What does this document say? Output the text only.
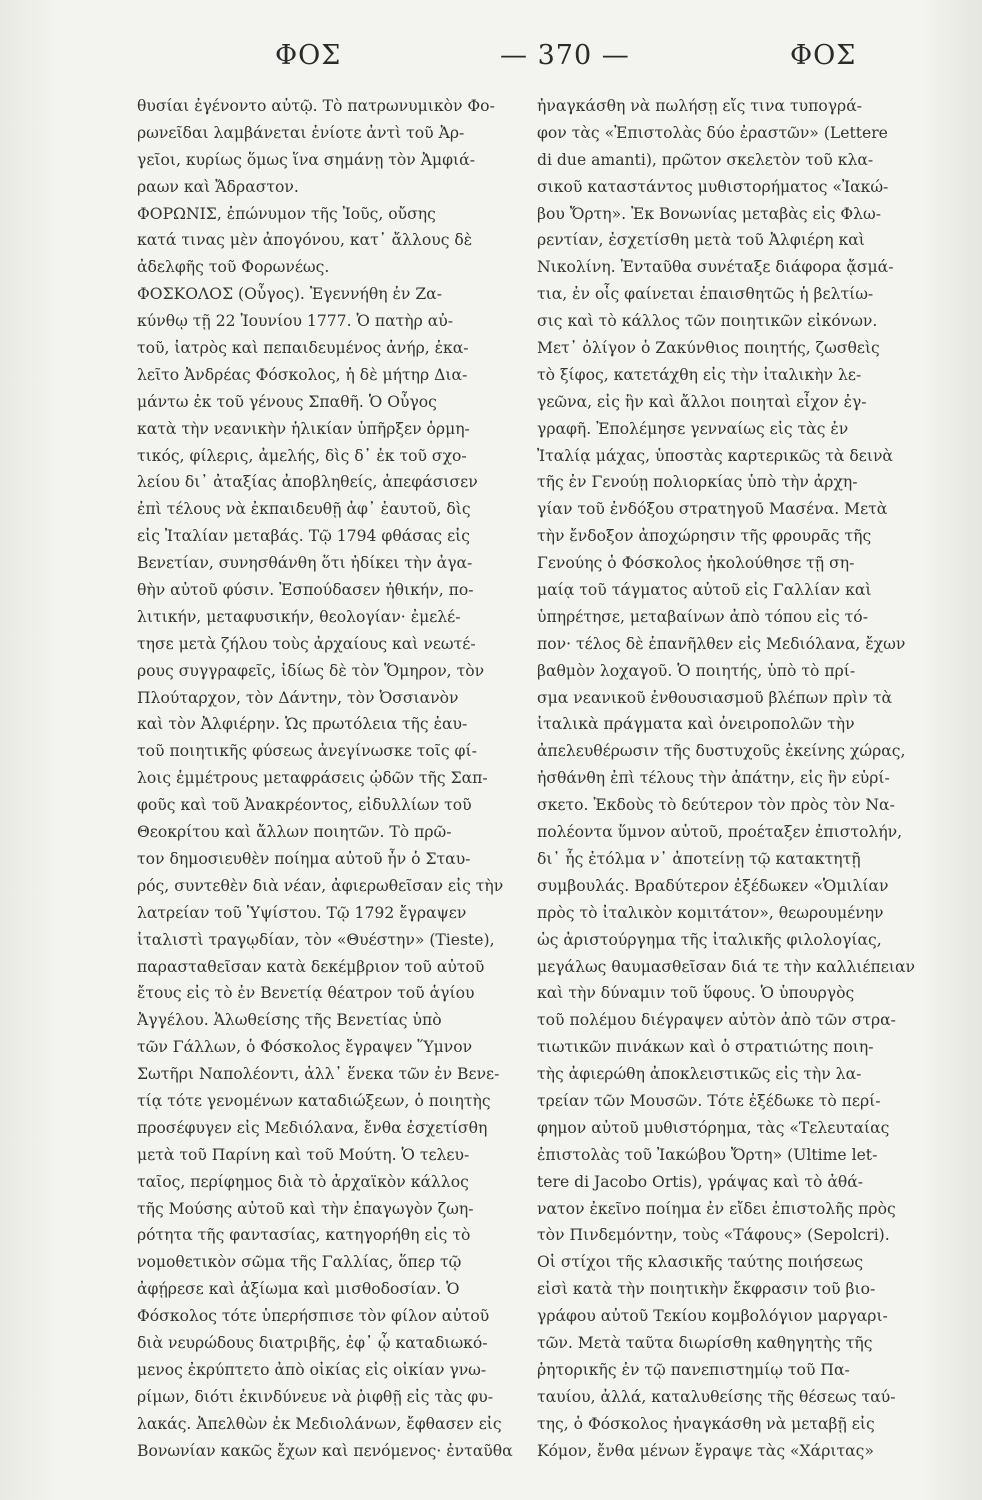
ΦΟΣ	— 370 —	ΦΟΣ
θυσίαι ἐγένοντο αὐτῷ. Τὸ πατρωνυμικὸν Φο-
ρωνεῖδαι λαμβάνεται ἐνίοτε ἀντὶ τοῦ Ἀρ-
γεῖοι, κυρίως ὅμως ἵνα σημάνῃ τὸν Ἀμφιά-
ραων καὶ Ἄδραστον.
ΦΟΡΩΝΙΣ, ἐπώνυμον τῆς Ἰοῦς, οὔσης
κατά τινας μὲν ἀπογόνου, κατ᾽ ἄλλους δὲ
ἀδελφῆς τοῦ Φορωνέως.
ΦΟΣΚΟΛΟΣ (Οὖγος). Ἐγεννήθη ἐν Ζα-
κύνθῳ τῇ 22 Ἰουνίου 1777. Ὁ πατὴρ αὐ-
τοῦ, ἰατρὸς καὶ πεπαιδευμένος ἀνήρ, ἐκα-
λεῖτο Ἀνδρέας Φόσκολος, ἡ δὲ μήτηρ Δια-
μάντω ἐκ τοῦ γένους Σπαθῆ. Ὁ Οὖγος
κατὰ τὴν νεανικὴν ἡλικίαν ὑπῆρξεν ὁρμη-
τικός, φίλερις, ἀμελής, δὶς δ᾽ ἐκ τοῦ σχο-
λείου δι᾽ ἀταξίας ἀποβληθείς, ἀπεφάσισεν
ἐπὶ τέλους νὰ ἐκπαιδευθῇ ἀφ᾽ ἑαυτοῦ, δὶς
εἰς Ἰταλίαν μεταβάς. Τῷ 1794 φθάσας εἰς
Βενετίαν, συνησθάνθη ὅτι ἠδίκει τὴν ἀγα-
θὴν αὐτοῦ φύσιν. Ἐσπούδασεν ἠθικήν, πο-
λιτικήν, μεταφυσικήν, θεολογίαν· ἐμελέ-
τησε μετὰ ζήλου τοὺς ἀρχαίους καὶ νεωτέ-
ρους συγγραφεῖς, ἰδίως δὲ τὸν Ὅμηρον, τὸν
Πλούταρχον, τὸν Δάντην, τὸν Ὀσσιανὸν
καὶ τὸν Ἀλφιέρην. Ὡς πρωτόλεια τῆς ἑαυ-
τοῦ ποιητικῆς φύσεως ἀνεγίνωσκε τοῖς φί-
λοις ἐμμέτρους μεταφράσεις ᾠδῶν τῆς Σαπ-
φοῦς καὶ τοῦ Ἀνακρέοντος, εἰδυλλίων τοῦ
Θεοκρίτου καὶ ἄλλων ποιητῶν. Τὸ πρῶ-
τον δημοσιευθὲν ποίημα αὐτοῦ ἦν ὁ Σταυ-
ρός, συντεθὲν διὰ νέαν, ἀφιερωθεῖσαν εἰς τὴν
λατρείαν τοῦ Ὑψίστου. Τῷ 1792 ἔγραψεν
ἰταλιστὶ τραγῳδίαν, τὸν «Θυέστην» (Tieste),
παρασταθεῖσαν κατὰ δεκέμβριον τοῦ αὐτοῦ
ἔτους εἰς τὸ ἐν Βενετίᾳ θέατρον τοῦ ἁγίου
Ἀγγέλου. Ἁλωθείσης τῆς Βενετίας ὑπὸ
τῶν Γάλλων, ὁ Φόσκολος ἔγραψεν Ὕμνον
Σωτῆρι Ναπολέοντι, ἀλλ᾽ ἕνεκα τῶν ἐν Βενε-
τίᾳ τότε γενομένων καταδιώξεων, ὁ ποιητὴς
προσέφυγεν εἰς Μεδιόλανα, ἔνθα ἐσχετίσθη
μετὰ τοῦ Παρίνη καὶ τοῦ Μούτη. Ὁ τελευ-
ταῖος, περίφημος διὰ τὸ ἀρχαϊκὸν κάλλος
τῆς Μούσης αὐτοῦ καὶ τὴν ἐπαγωγὸν ζωη-
ρότητα τῆς φαντασίας, κατηγορήθη εἰς τὸ
νομοθετικὸν σῶμα τῆς Γαλλίας, ὅπερ τῷ
ἀφῄρεσε καὶ ἀξίωμα καὶ μισθοδοσίαν. Ὁ
Φόσκολος τότε ὑπερήσπισε τὸν φίλον αὐτοῦ
διὰ νευρώδους διατριβῆς, ἐφ᾽ ᾧ καταδιωκό-
μενος ἐκρύπτετο ἀπὸ οἰκίας εἰς οἰκίαν γνω-
ρίμων, διότι ἐκινδύνευε νὰ ῥιφθῇ εἰς τὰς φυ-
λακάς. Ἀπελθὼν ἐκ Μεδιολάνων, ἔφθασεν εἰς
Βονωνίαν κακῶς ἔχων καὶ πενόμενος· ἐνταῦθα
ἠναγκάσθη νὰ πωλήσῃ εἴς τινα τυπογρά-
φον τὰς «Ἐπιστολὰς δύο ἐραστῶν» (Lettere
di due amanti), πρῶτον σκελετὸν τοῦ κλα-
σικοῦ καταστάντος μυθιστορήματος «Ἰακώ-
βου Ὄρτη». Ἐκ Βονωνίας μεταβὰς εἰς Φλω-
ρεντίαν, ἐσχετίσθη μετὰ τοῦ Ἀλφιέρη καὶ
Νικολίνη. Ἐνταῦθα συνέταξε διάφορα ᾄσμά-
τια, ἐν οἷς φαίνεται ἐπαισθητῶς ἡ βελτίω-
σις καὶ τὸ κάλλος τῶν ποιητικῶν εἰκόνων.
Μετ᾽ ὀλίγον ὁ Ζακύνθιος ποιητής, ζωσθεὶς
τὸ ξίφος, κατετάχθη εἰς τὴν ἰταλικὴν λε-
γεῶνα, εἰς ἣν καὶ ἄλλοι ποιηταὶ εἶχον ἐγ-
γραφῆ. Ἐπολέμησε γενναίως εἰς τὰς ἐν
Ἰταλίᾳ μάχας, ὑποστὰς καρτερικῶς τὰ δεινὰ
τῆς ἐν Γενούῃ πολιορκίας ὑπὸ τὴν ἀρχη-
γίαν τοῦ ἐνδόξου στρατηγοῦ Μασένα. Μετὰ
τὴν ἔνδοξον ἀποχώρησιν τῆς φρουρᾶς τῆς
Γενούης ὁ Φόσκολος ἠκολούθησε τῇ ση-
μαίᾳ τοῦ τάγματος αὐτοῦ εἰς Γαλλίαν καὶ
ὑπηρέτησε, μεταβαίνων ἀπὸ τόπου εἰς τό-
πον· τέλος δὲ ἐπανῆλθεν εἰς Μεδιόλανα, ἔχων
βαθμὸν λοχαγοῦ. Ὁ ποιητής, ὑπὸ τὸ πρί-
σμα νεανικοῦ ἐνθουσιασμοῦ βλέπων πρὶν τὰ
ἰταλικὰ πράγματα καὶ ὀνειροπολῶν τὴν
ἀπελευθέρωσιν τῆς δυστυχοῦς ἐκείνης χώρας,
ἠσθάνθη ἐπὶ τέλους τὴν ἀπάτην, εἰς ἣν εὑρί-
σκετο. Ἐκδοὺς τὸ δεύτερον τὸν πρὸς τὸν Να-
πολέοντα ὕμνον αὐτοῦ, προέταξεν ἐπιστολήν,
δι᾽ ἧς ἐτόλμα ν᾽ ἀποτείνῃ τῷ κατακτητῇ
συμβουλάς. Βραδύτερον ἐξέδωκεν «Ὁμιλίαν
πρὸς τὸ ἰταλικὸν κομιτάτον», θεωρουμένην
ὡς ἀριστούργημα τῆς ἰταλικῆς φιλολογίας,
μεγάλως θαυμασθεῖσαν διά τε τὴν καλλιέπειαν
καὶ τὴν δύναμιν τοῦ ὕφους. Ὁ ὑπουργὸς
τοῦ πολέμου διέγραψεν αὐτὸν ἀπὸ τῶν στρα-
τιωτικῶν πινάκων καὶ ὁ στρατιώτης ποιη-
τὴς ἀφιερώθη ἀποκλειστικῶς εἰς τὴν λα-
τρείαν τῶν Μουσῶν. Τότε ἐξέδωκε τὸ περί-
φημον αὐτοῦ μυθιστόρημα, τὰς «Τελευταίας
ἐπιστολὰς τοῦ Ἰακώβου Ὄρτη» (Ultime let-
tere di Jacobo Ortis), γράψας καὶ τὸ ἀθά-
νατον ἐκεῖνο ποίημα ἐν εἴδει ἐπιστολῆς πρὸς
τὸν Πινδεμόντην, τοὺς «Τάφους» (Sepolcri).
Οἱ στίχοι τῆς κλασικῆς ταύτης ποιήσεως
εἰσὶ κατὰ τὴν ποιητικὴν ἔκφρασιν τοῦ βιο-
γράφου αὐτοῦ Τεκίου κομβολόγιον μαργαρι-
τῶν. Μετὰ ταῦτα διωρίσθη καθηγητὴς τῆς
ῥητορικῆς ἐν τῷ πανεπιστημίῳ τοῦ Πα-
ταυίου, ἀλλά, καταλυθείσης τῆς θέσεως ταύ-
της, ὁ Φόσκολος ἠναγκάσθη νὰ μεταβῇ εἰς
Κόμον, ἔνθα μένων ἔγραψε τὰς «Χάριτας»
